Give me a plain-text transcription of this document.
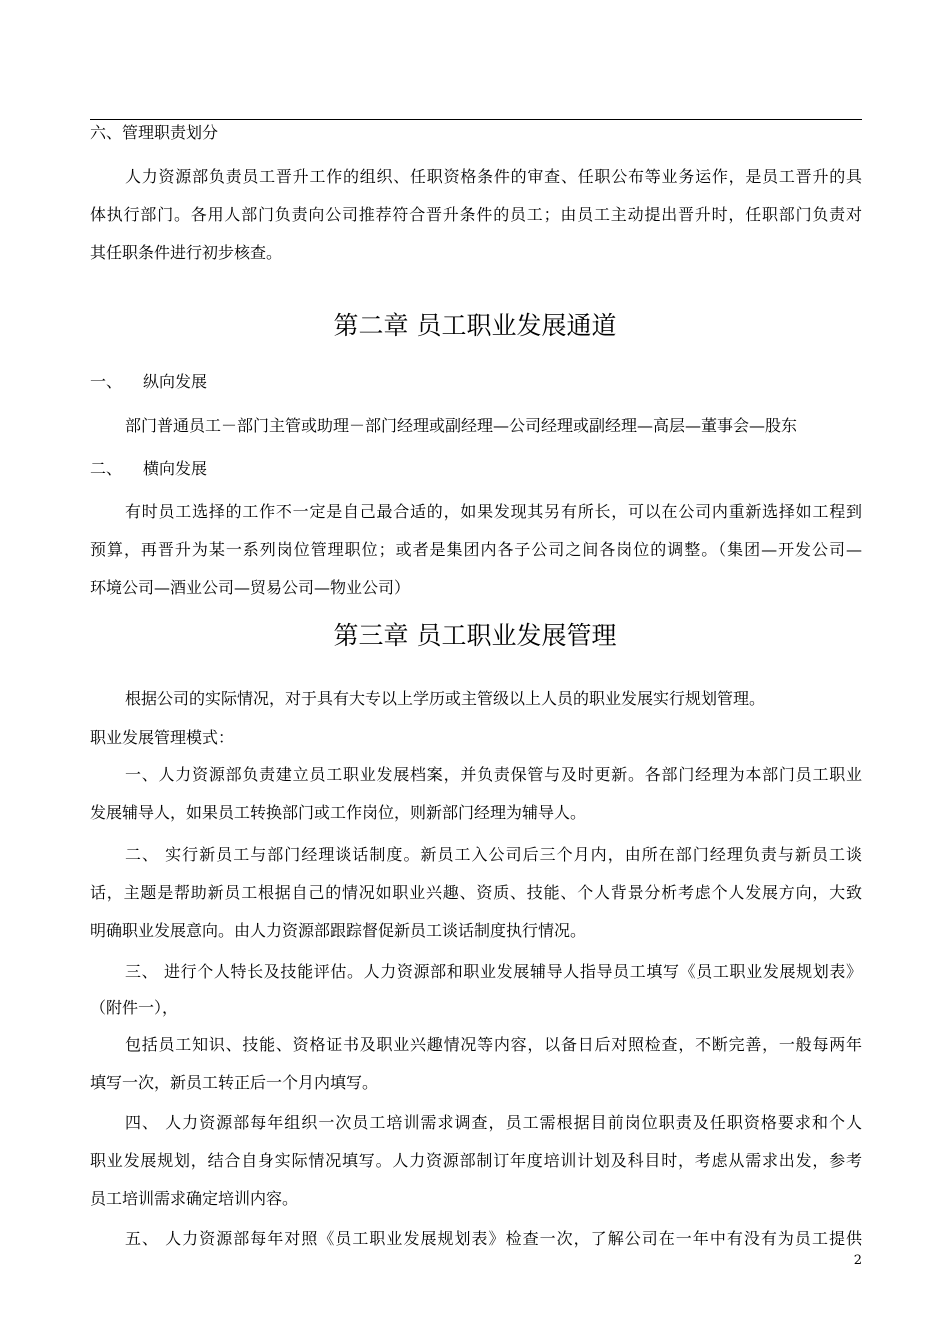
六、管理职责划分
人力资源部负责员工晋升工作的组织、任职资格条件的审查、任职公布等业务运作，是员工晋升的具
体执行部门。各用人部门负责向公司推荐符合晋升条件的员工；由员工主动提出晋升时，任职部门负责对
其任职条件进行初步核查。
第二章 员工职业发展通道
一、 纵向发展
部门普通员工－部门主管或助理－部门经理或副经理—公司经理或副经理—高层—董事会—股东
二、 横向发展
有时员工选择的工作不一定是自己最合适的，如果发现其另有所长，可以在公司内重新选择如工程到
预算，再晋升为某一系列岗位管理职位；或者是集团内各子公司之间各岗位的调整。（集团—开发公司—
环境公司—酒业公司—贸易公司—物业公司）
第三章 员工职业发展管理
根据公司的实际情况，对于具有大专以上学历或主管级以上人员的职业发展实行规划管理。
职业发展管理模式：
一、人力资源部负责建立员工职业发展档案，并负责保管与及时更新。各部门经理为本部门员工职业
发展辅导人，如果员工转换部门或工作岗位，则新部门经理为辅导人。
二、 实行新员工与部门经理谈话制度。新员工入公司后三个月内，由所在部门经理负责与新员工谈
话，主题是帮助新员工根据自己的情况如职业兴趣、资质、技能、个人背景分析考虑个人发展方向，大致
明确职业发展意向。由人力资源部跟踪督促新员工谈话制度执行情况。
三、 进行个人特长及技能评估。人力资源部和职业发展辅导人指导员工填写《员工职业发展规划表》
（附件一），
包括员工知识、技能、资格证书及职业兴趣情况等内容，以备日后对照检查，不断完善，一般每两年
填写一次，新员工转正后一个月内填写。
四、 人力资源部每年组织一次员工培训需求调查，员工需根据目前岗位职责及任职资格要求和个人
职业发展规划，结合自身实际情况填写。人力资源部制订年度培训计划及科目时，考虑从需求出发，参考
员工培训需求确定培训内容。
五、 人力资源部每年对照《员工职业发展规划表》检查一次，了解公司在一年中有没有为员工提供
2
